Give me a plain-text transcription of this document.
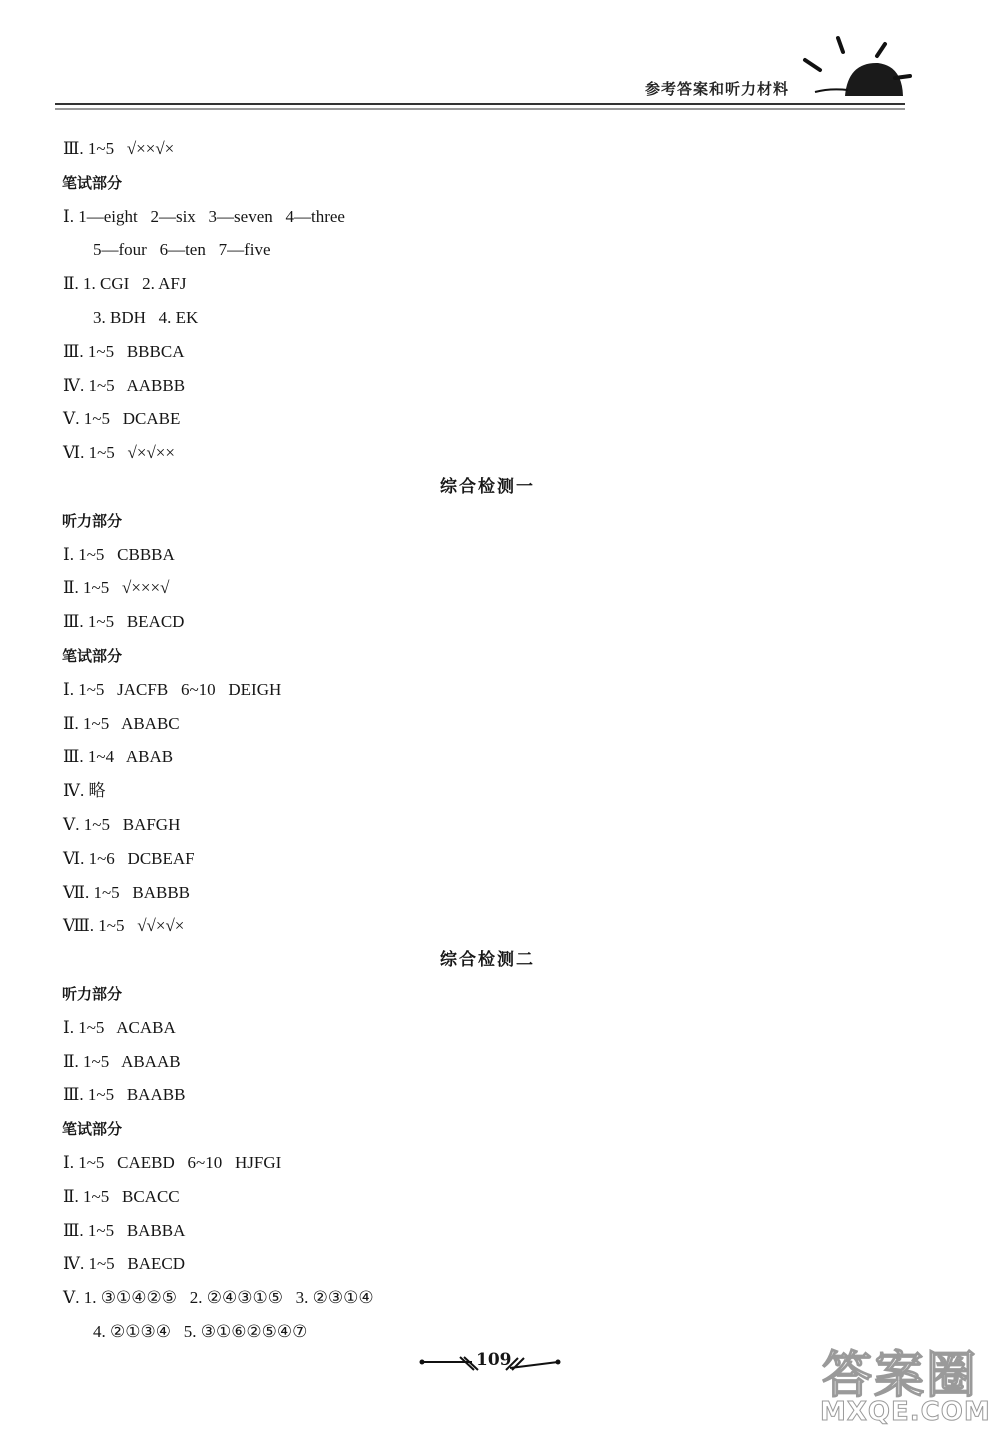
参考答案和听力材料
Ⅲ. 1~5   √××√×
笔试部分
Ⅰ. 1—eight   2—six   3—seven   4—three
5—four   6—ten   7—five
Ⅱ. 1. CGI   2. AFJ
3. BDH   4. EK
Ⅲ. 1~5   BBBCA
Ⅳ. 1~5   AABBB
Ⅴ. 1~5   DCABE
Ⅵ. 1~5   √×√××
综合检测一
听力部分
Ⅰ. 1~5   CBBBA
Ⅱ. 1~5   √×××√
Ⅲ. 1~5   BEACD
笔试部分
Ⅰ. 1~5   JACFB   6~10   DEIGH
Ⅱ. 1~5   ABABC
Ⅲ. 1~4   ABAB
Ⅳ. 略
Ⅴ. 1~5   BAFGH
Ⅵ. 1~6   DCBEAF
Ⅶ. 1~5   BABBB
Ⅷ. 1~5   √√×√×
综合检测二
听力部分
Ⅰ. 1~5   ACABA
Ⅱ. 1~5   ABAAB
Ⅲ. 1~5   BAABB
笔试部分
Ⅰ. 1~5   CAEBD   6~10   HJFGI
Ⅱ. 1~5   BCACC
Ⅲ. 1~5   BABBA
Ⅳ. 1~5   BAECD
Ⅴ. 1. ③①④②⑤   2. ②④③①⑤   3. ②③①④
4. ②①③④   5. ③①⑥②⑤④⑦
109	答案圈
MXQE.COM
